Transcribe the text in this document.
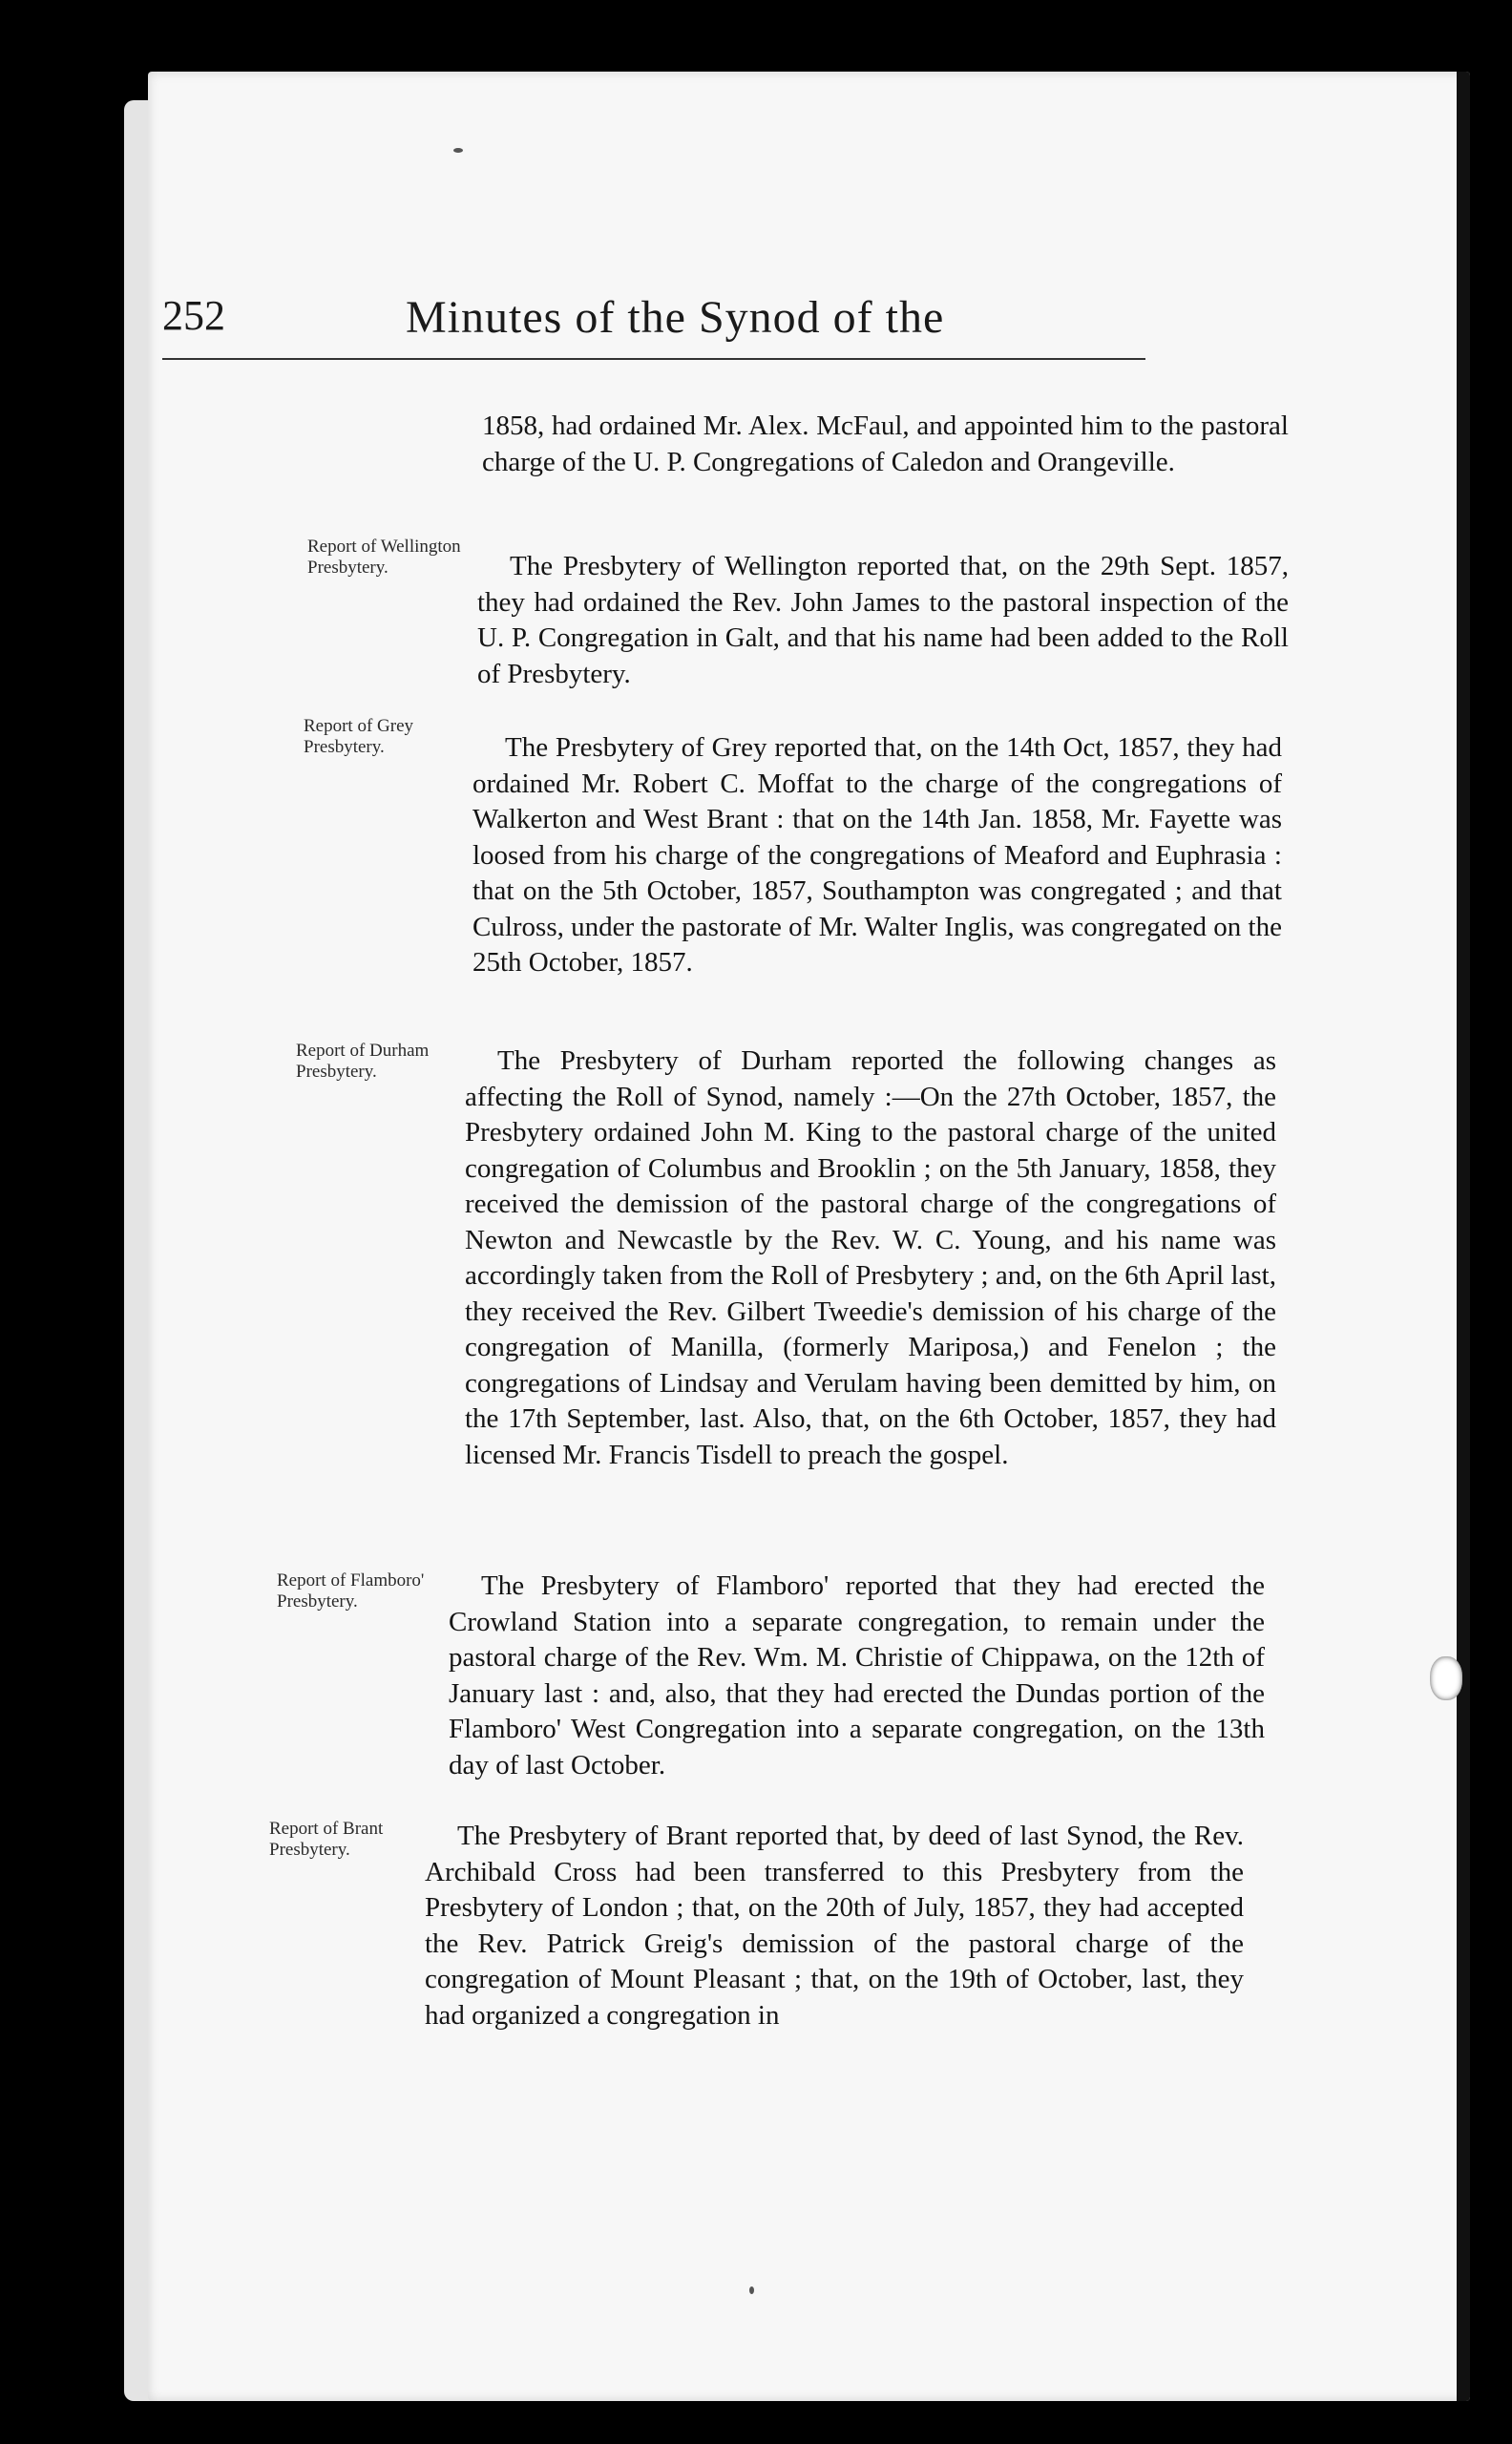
252	Minutes of the Synod of the
Report of Wellington Presbytery.
Report of Grey Presbytery.
Report of Durham Presbytery.
Report of Flamboro' Presbytery.
Report of Brant Presbytery.
1858, had ordained Mr. Alex. McFaul, and appointed him to the pastoral charge of the U. P. Congregations of Caledon and Orangeville.
The Presbytery of Wellington reported that, on the 29th Sept. 1857, they had ordained the Rev. John James to the pastoral inspection of the U. P. Congregation in Galt, and that his name had been added to the Roll of Presbytery.
The Presbytery of Grey reported that, on the 14th Oct, 1857, they had ordained Mr. Robert C. Moffat to the charge of the congregations of Walkerton and West Brant : that on the 14th Jan. 1858, Mr. Fayette was loosed from his charge of the congregations of Meaford and Euphrasia : that on the 5th October, 1857, Southampton was congregated ; and that Culross, under the pastorate of Mr. Walter Inglis, was congregated on the 25th October, 1857.
The Presbytery of Durham reported the following changes as affecting the Roll of Synod, namely :—On the 27th October, 1857, the Presbytery ordained John M. King to the pastoral charge of the united congregation of Columbus and Brooklin ; on the 5th January, 1858, they received the demission of the pastoral charge of the congregations of Newton and Newcastle by the Rev. W. C. Young, and his name was accordingly taken from the Roll of Presbytery ; and, on the 6th April last, they received the Rev. Gilbert Tweedie's demission of his charge of the congregation of Manilla, (formerly Mariposa,) and Fenelon ; the congregations of Lindsay and Verulam having been demitted by him, on the 17th September, last. Also, that, on the 6th October, 1857, they had licensed Mr. Francis Tisdell to preach the gospel.
The Presbytery of Flamboro' reported that they had erected the Crowland Station into a separate congregation, to remain under the pastoral charge of the Rev. Wm. M. Christie of Chippawa, on the 12th of January last : and, also, that they had erected the Dundas portion of the Flamboro' West Congregation into a separate congregation, on the 13th day of last October.
The Presbytery of Brant reported that, by deed of last Synod, the Rev. Archibald Cross had been transferred to this Presbytery from the Presbytery of London ; that, on the 20th of July, 1857, they had accepted the Rev. Patrick Greig's demission of the pastoral charge of the congregation of Mount Pleasant ; that, on the 19th of October, last, they had organized a congregation in
